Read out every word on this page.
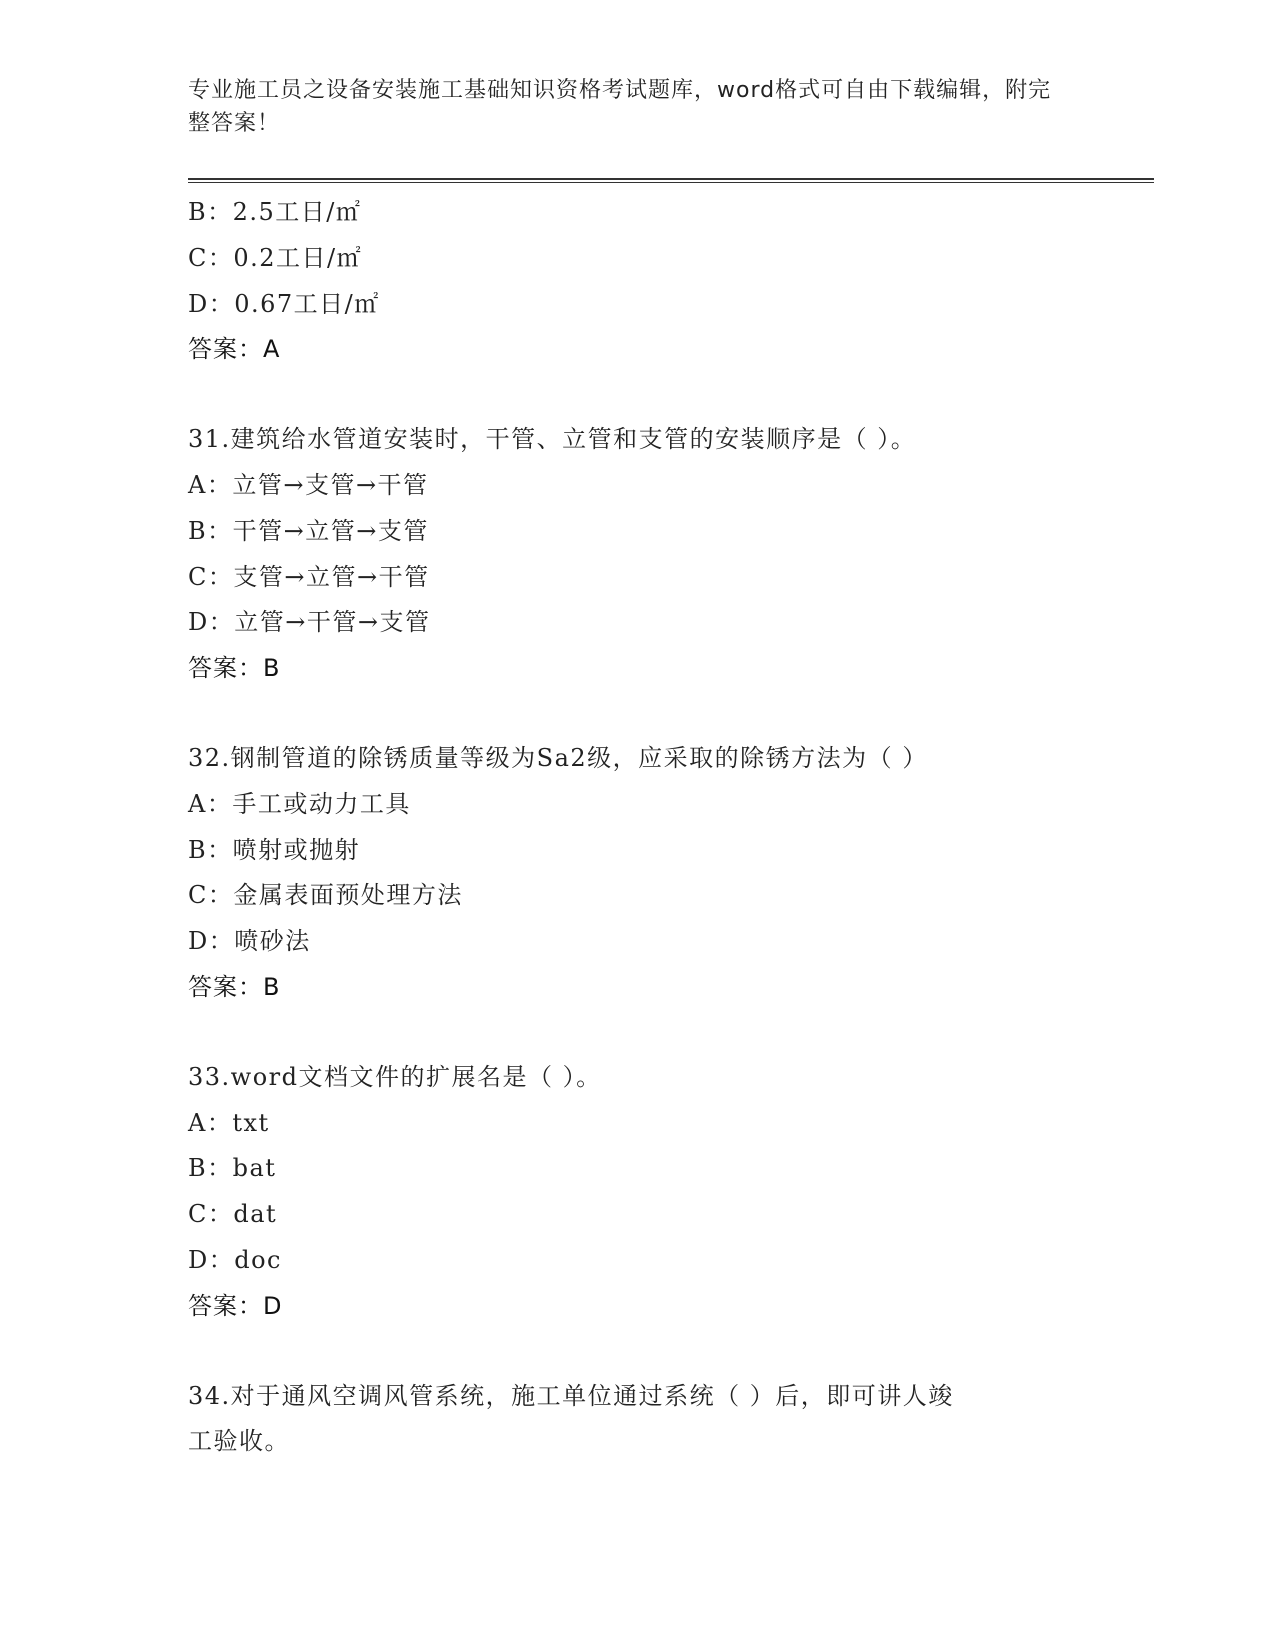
专业施工员之设备安装施工基础知识资格考试题库，word格式可自由下载编辑，附完整答案！
B：2.5工日/㎡
C：0.2工日/㎡
D：0.67工日/㎡
答案：A
31.建筑给水管道安装时，干管、立管和支管的安装顺序是（ ）。
A：立管→支管→干管
B：干管→立管→支管
C：支管→立管→干管
D：立管→干管→支管
答案：B
32.钢制管道的除锈质量等级为Sa2级，应采取的除锈方法为（ ）
A：手工或动力工具
B：喷射或抛射
C：金属表面预处理方法
D：喷砂法
答案：B
33.word文档文件的扩展名是（ ）。
A：txt
B：bat
C：dat
D：doc
答案：D
34.对于通风空调风管系统，施工单位通过系统（ ）后，即可讲人竣
工验收。
